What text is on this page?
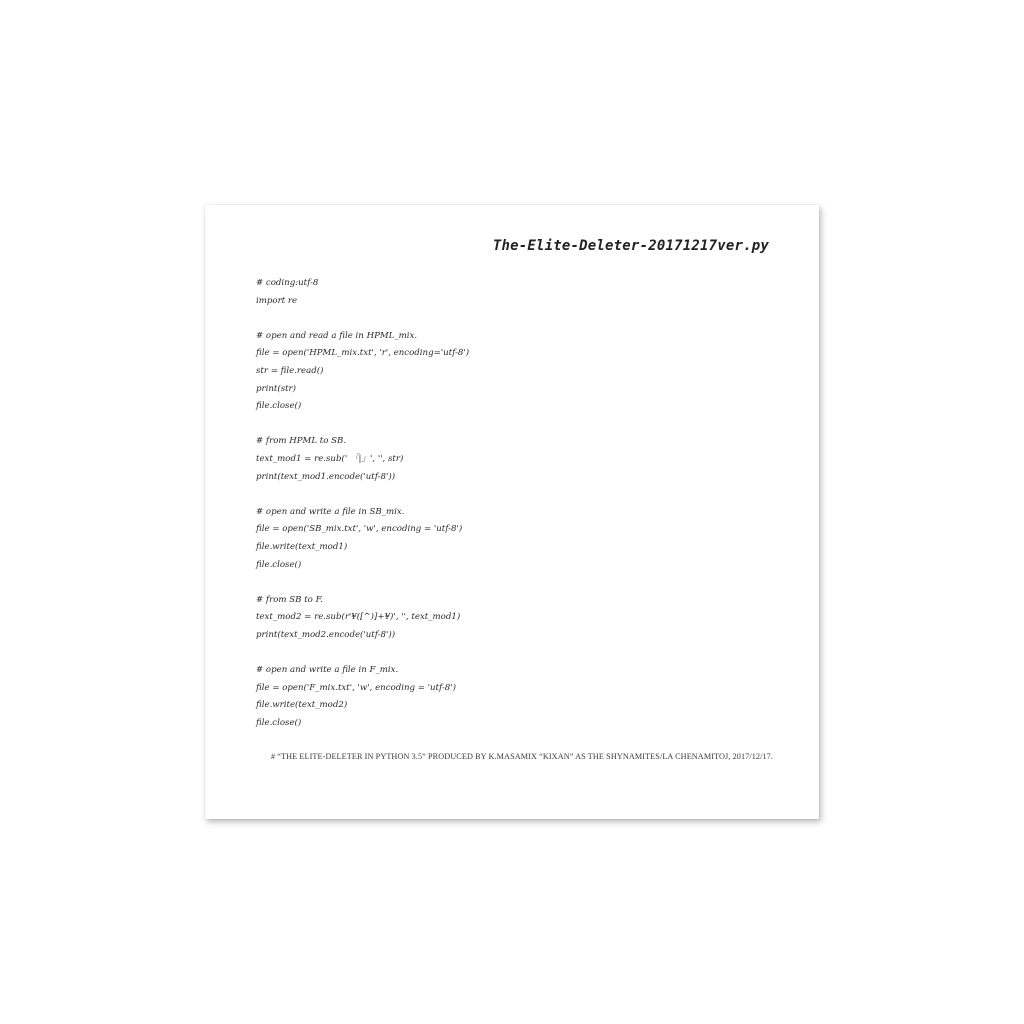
The-Elite-Deleter-20171217ver.py
# coding:utf-8
import re
# open and read a file in HPML_mix.
file = open('HPML_mix.txt', 'r', encoding='utf-8')
str = file.read()
print(str)
file.close()
# from HPML to SB.
text_mod1 = re.sub(' 「|」', '', str)
print(text_mod1.encode('utf-8'))
# open and write a file in SB_mix.
file = open('SB_mix.txt', 'w', encoding = 'utf-8')
file.write(text_mod1)
file.close()
# from SB to F.
text_mod2 = re.sub(r'¥([^)]+¥)', '', text_mod1)
print(text_mod2.encode('utf-8'))
# open and write a file in F_mix.
file = open('F_mix.txt', 'w', encoding = 'utf-8')
file.write(text_mod2)
file.close()
# “THE ELITE-DELETER IN PYTHON 3.5” PRODUCED BY K.MASAMIX “KIXAN” AS THE SHYNAMITES/LA CHENAMITOJ, 2017/12/17.
